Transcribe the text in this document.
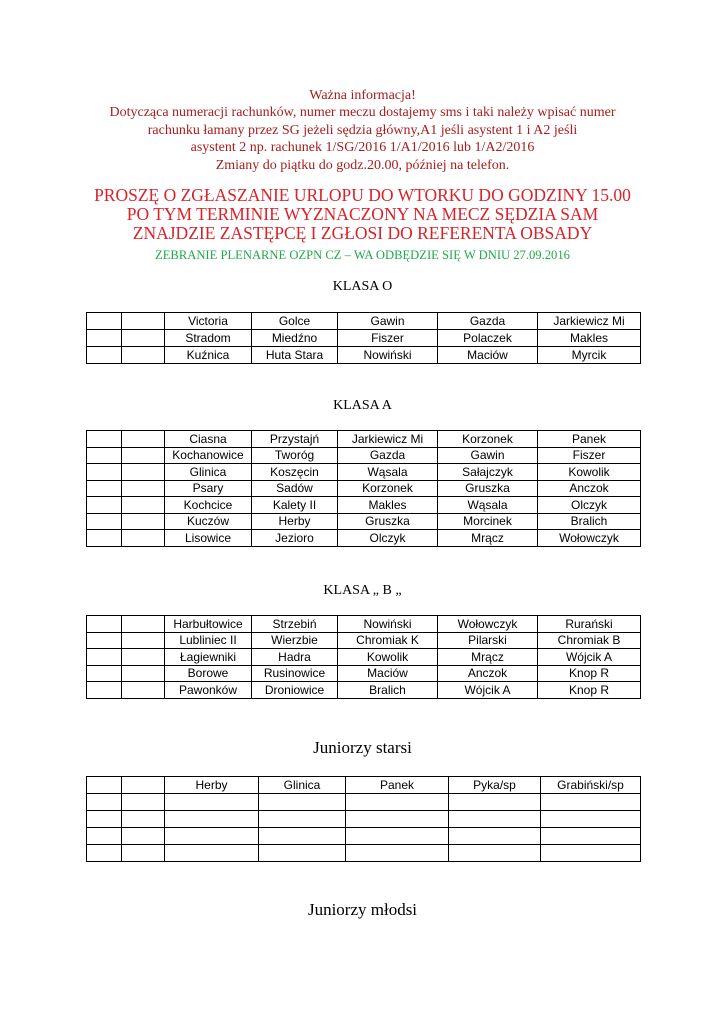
Ważna informacja!
Dotycząca numeracji rachunków, numer meczu dostajemy sms i taki należy wpisać numer
rachunku łamany przez SG jeżeli sędzia główny,A1 jeśli asystent 1 i A2 jeśli
asystent 2 np. rachunek 1/SG/2016 1/A1/2016 lub 1/A2/2016
Zmiany do piątku do godz.20.00, później na telefon.
PROSZĘ O ZGŁASZANIE URLOPU DO WTORKU DO GODZINY 15.00
PO TYM TERMINIE WYZNACZONY NA MECZ SĘDZIA SAM
ZNAJDZIE ZASTĘPCĘ I ZGŁOSI DO REFERENTA OBSADY
ZEBRANIE PLENARNE OZPN CZ – WA ODBĘDZIE SIĘ W DNIU 27.09.2016
KLASA O
		Victoria	Golce	Gawin	Gazda	Jarkiewicz Mi
		Stradom	Miedźno	Fiszer	Polaczek	Makles
		Kuźnica	Huta Stara	Nowiński	Maciów	Myrcik
KLASA A
		Ciasna	Przystajń	Jarkiewicz Mi	Korzonek	Panek
		Kochanowice	Tworóg	Gazda	Gawin	Fiszer
		Glinica	Koszęcin	Wąsala	Sałajczyk	Kowolik
		Psary	Sadów	Korzonek	Gruszka	Anczok
		Kochcice	Kalety II	Makles	Wąsala	Olczyk
		Kuczów	Herby	Gruszka	Morcinek	Bralich
		Lisowice	Jezioro	Olczyk	Mrącz	Wołowczyk
KLASA „ B „
		Harbułtowice	Strzebiń	Nowiński	Wołowczyk	Rurański
		Lubliniec II	Wierzbie	Chromiak K	Pilarski	Chromiak B
		Łagiewniki	Hadra	Kowolik	Mrącz	Wójcik A
		Borowe	Rusinowice	Maciów	Anczok	Knop R
		Pawonków	Droniowice	Bralich	Wójcik A	Knop R
Juniorzy starsi
		Herby	Glinica	Panek	Pyka/sp	Grabiński/sp

Juniorzy młodsi
